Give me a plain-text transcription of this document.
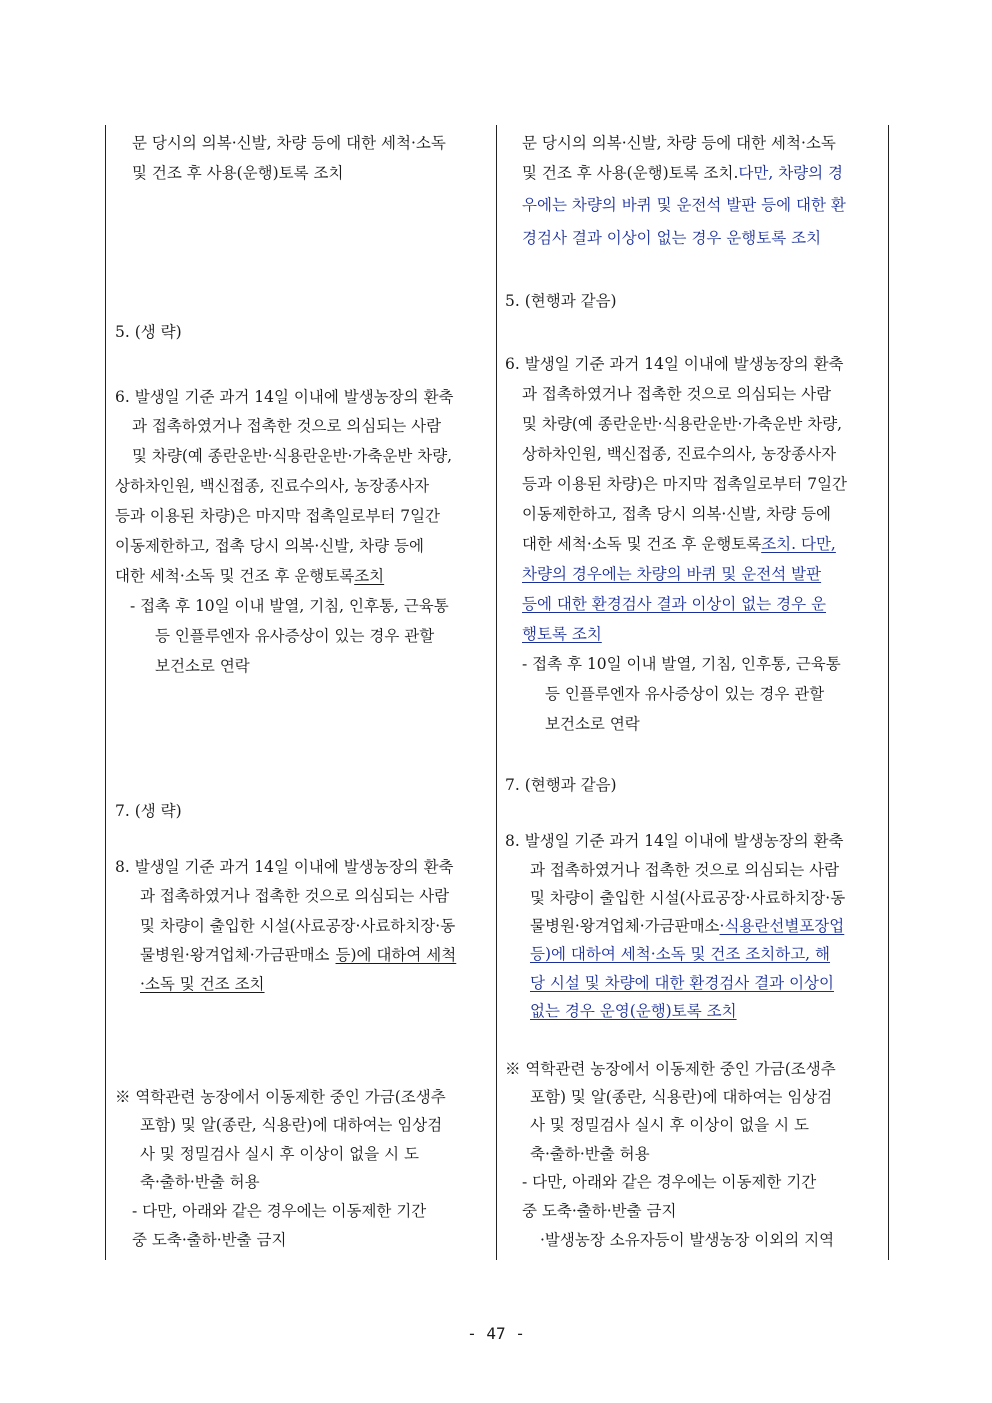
문 당시의 의복·신발, 차량 등에 대한 세척·소독
및 건조 후 사용(운행)토록 조치
5. (생 략)
6. 발생일 기준 과거 14일 이내에 발생농장의 환축
과 접촉하였거나 접촉한 것으로 의심되는 사람
및 차량(예 종란운반·식용란운반·가축운반 차량,
상하차인원, 백신접종, 진료수의사, 농장종사자
등과 이용된 차량)은 마지막 접촉일로부터 7일간
이동제한하고, 접촉 당시 의복·신발, 차량 등에
대한 세척·소독 및 건조 후 운행토록 조치
- 접촉 후 10일 이내 발열, 기침, 인후통, 근육통
등 인플루엔자 유사증상이 있는 경우 관할
보건소로 연락
7. (생 략)
8. 발생일 기준 과거 14일 이내에 발생농장의 환축
과 접촉하였거나 접촉한 것으로 의심되는 사람
및 차량이 출입한 시설(사료공장·사료하치장·동
물병원·왕겨업체·가금판매소 등)에 대하여 세척
·소독 및 건조 조치
※ 역학관련 농장에서 이동제한 중인 가금(조생추
포함) 및 알(종란, 식용란)에 대하여는 임상검
사 및 정밀검사 실시 후 이상이 없을 시 도
축·출하·반출 허용
- 다만, 아래와 같은 경우에는 이동제한 기간
중 도축·출하·반출 금지
문 당시의 의복·신발, 차량 등에 대한 세척·소독
및 건조 후 사용(운행)토록 조치. 다만, 차량의 경
우에는 차량의 바퀴 및 운전석 발판 등에 대한 환
경검사 결과 이상이 없는 경우 운행토록 조치
5. (현행과 같음)
6. 발생일 기준 과거 14일 이내에 발생농장의 환축
과 접촉하였거나 접촉한 것으로 의심되는 사람
및 차량(예 종란운반·식용란운반·가축운반 차량,
상하차인원, 백신접종, 진료수의사, 농장종사자
등과 이용된 차량)은 마지막 접촉일로부터 7일간
이동제한하고, 접촉 당시 의복·신발, 차량 등에
대한 세척·소독 및 건조 후 운행토록 조치. 다만,
차량의 경우에는 차량의 바퀴 및 운전석 발판
등에 대한 환경검사 결과 이상이 없는 경우 운
행토록 조치
- 접촉 후 10일 이내 발열, 기침, 인후통, 근육통
등 인플루엔자 유사증상이 있는 경우 관할
보건소로 연락
7. (현행과 같음)
8. 발생일 기준 과거 14일 이내에 발생농장의 환축
과 접촉하였거나 접촉한 것으로 의심되는 사람
및 차량이 출입한 시설(사료공장·사료하치장·동
물병원·왕겨업체·가금판매소 ·식용란선별포장업
등)에 대하여 세척·소독 및 건조 조치하고, 해
당 시설 및 차량에 대한 환경검사 결과 이상이
없는 경우 운영(운행)토록 조치
※ 역학관련 농장에서 이동제한 중인 가금(조생추
포함) 및 알(종란, 식용란)에 대하여는 임상검
사 및 정밀검사 실시 후 이상이 없을 시 도
축·출하·반출 허용
- 다만, 아래와 같은 경우에는 이동제한 기간
중 도축·출하·반출 금지
·발생농장 소유자등이 발생농장 이외의 지역
- 47 -
